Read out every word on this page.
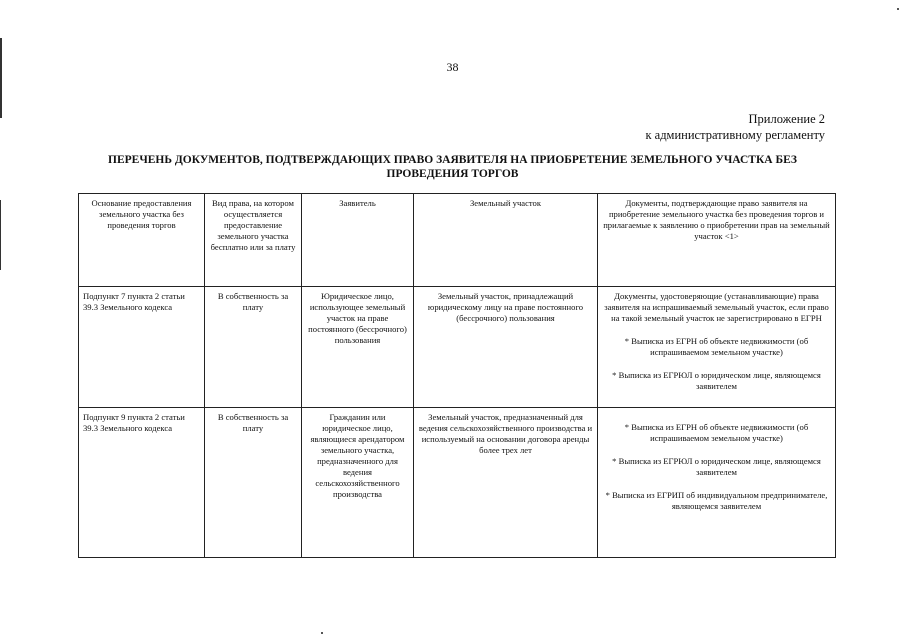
38
Приложение 2
к административному регламенту
ПЕРЕЧЕНЬ ДОКУМЕНТОВ, ПОДТВЕРЖДАЮЩИХ ПРАВО ЗАЯВИТЕЛЯ НА ПРИОБРЕТЕНИЕ ЗЕМЕЛЬНОГО УЧАСТКА БЕЗ ПРОВЕДЕНИЯ ТОРГОВ
Основание предоставления земельного участка без проведения торгов	Вид права, на котором осуществляется предоставление земельного участка бесплатно или за плату	Заявитель	Земельный участок	Документы, подтверждающие право заявителя на приобретение земельного участка без проведения торгов и прилагаемые к заявлению о приобретении прав на земельный участок <1>
Подпункт 7 пункта 2 статьи 39.3 Земельного кодекса	В собственность за плату	Юридическое лицо, использующее земельный участок на праве постоянного (бессрочного) пользования	Земельный участок, принадлежащий юридическому лицу на праве постоянного (бессрочного) пользования	Документы, удостоверяющие (устанавливающие) права заявителя на испрашиваемый земельный участок, если право на такой земельный участок не зарегистрировано в ЕГРН
* Выписка из ЕГРН об объекте недвижимости (об испрашиваемом земельном участке)
* Выписка из ЕГРЮЛ о юридическом лице, являющемся заявителем

Подпункт 9 пункта 2 статьи 39.3 Земельного кодекса	В собственность за плату	Гражданин или юридическое лицо, являющиеся арендатором земельного участка, предназначенного для ведения сельскохозяйственного производства	Земельный участок, предназначенный для ведения сельскохозяйственного производства и используемый на основании договора аренды более трех лет	* Выписка из ЕГРН об объекте недвижимости (об испрашиваемом земельном участке)
* Выписка из ЕГРЮЛ о юридическом лице, являющемся заявителем
* Выписка из ЕГРИП об индивидуальном предпринимателе, являющемся заявителем
